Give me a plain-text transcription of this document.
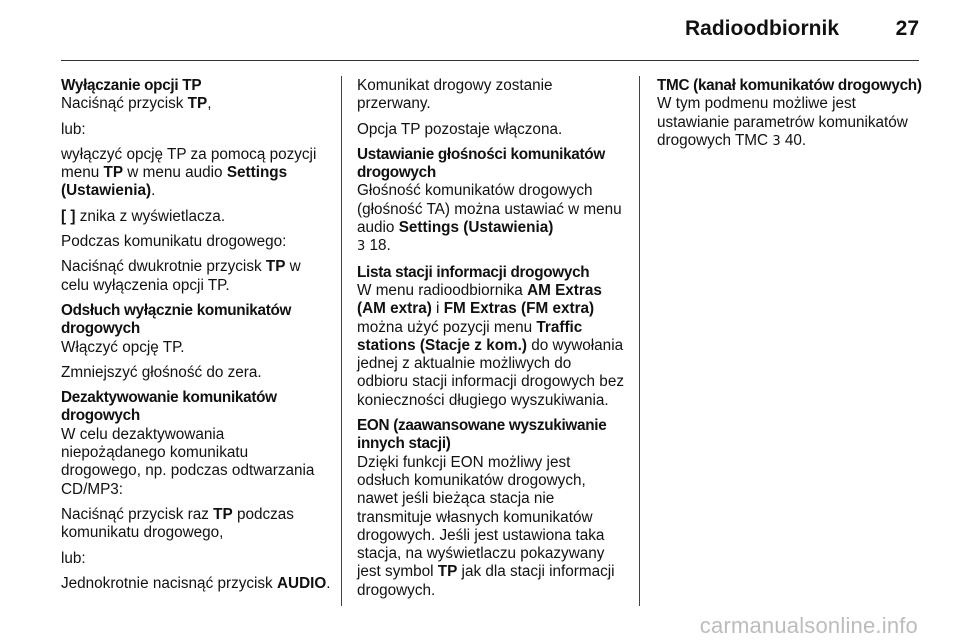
Radioodbiornik	27
Wyłączanie opcji TP

Naciśnąć przycisk TP,

lub:

wyłączyć opcję TP za pomocą pozycji menu TP w menu audio Settings (Ustawienia).

[ ] znika z wyświetlacza.

Podczas komunikatu drogowego:

Naciśnąć dwukrotnie przycisk TP w celu wyłączenia opcji TP.

Odsłuch wyłącznie komunikatów drogowych

Włączyć opcję TP.

Zmniejszyć głośność do zera.

Dezaktywowanie komunikatów drogowych

W celu dezaktywowania niepożądanego komunikatu drogowego, np. podczas odtwarzania CD/MP3:

Naciśnąć przycisk raz TP podczas komunikatu drogowego,

lub:

Jednokrotnie nacisnąć przycisk AUDIO.

Komunikat drogowy zostanie przerwany.

Opcja TP pozostaje włączona.

Ustawianie głośności komunikatów drogowych

Głośność komunikatów drogowych (głośność TA) można ustawiać w menu audio Settings (Ustawienia)
3 18.

Lista stacji informacji drogowych

W menu radioodbiornika AM Extras (AM extra) i FM Extras (FM extra) można użyć pozycji menu Traffic stations (Stacje z kom.) do wywołania jednej z aktualnie możliwych do odbioru stacji informacji drogowych bez konieczności długiego wyszukiwania.

EON (zaawansowane wyszukiwanie innych stacji)

Dzięki funkcji EON możliwy jest odsłuch komunikatów drogowych, nawet jeśli bieżąca stacja nie transmituje własnych komunikatów drogowych. Jeśli jest ustawiona taka stacja, na wyświetlaczu pokazywany jest symbol TP jak dla stacji informacji drogowych.

TMC (kanał komunikatów drogowych)

W tym podmenu możliwe jest ustawianie parametrów komunikatów drogowych TMC 3 40.

carmanualsonline.info
